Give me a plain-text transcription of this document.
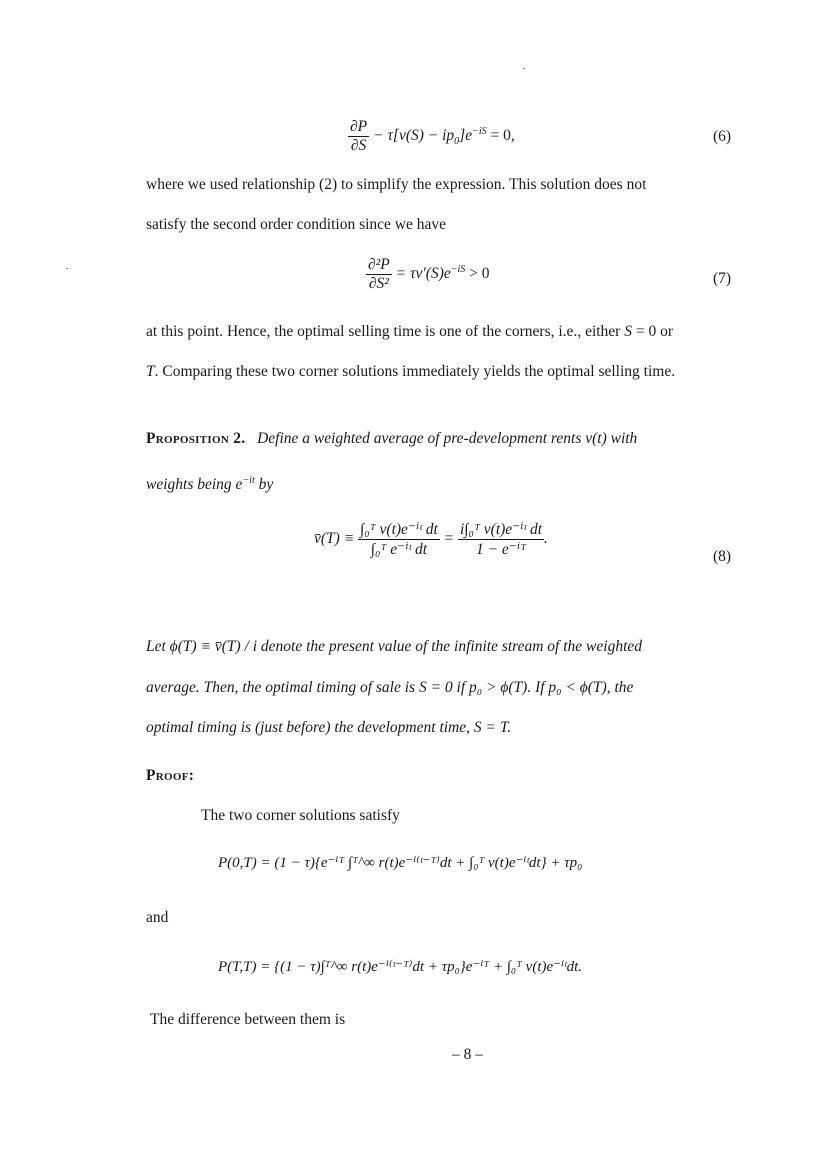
$\frac{\partial P}{\partial S} - \tau[v(S) - ip_0]e^{-iS} = 0$,	(6)
where we used relationship (2) to simplify the expression. This solution does not
satisfy the second order condition since we have
$\frac{\text{∂²P}}{\text{∂S²}} = \tau v'(S)e^{-iS} > 0$	(7)
at this point. Hence, the optimal selling time is one of the corners, i.e., either S = 0 or
T. Comparing these two corner solutions immediately yields the optimal selling time.
Proposition 2. Define a weighted average of pre-development rents v(t) with
weights being $e^{-it}$ by
v̄(T) ≡ $\frac{\text{∫₀ᵀ v(t)e⁻ⁱᵗ dt}}{\text{∫₀ᵀ e⁻ⁱᵗ dt}} = \frac{\text{i∫₀ᵀ v(t)e⁻ⁱᵗ dt}}{\text{1 − e⁻ⁱᵀ}}$ .
(8)
Let ϕ(T) ≡ v̄(T) / i denote the present value of the infinite stream of the weighted
average. Then, the optimal timing of sale is S = 0 if p₀ > ϕ(T). If p₀ < ϕ(T), the
optimal timing is (just before) the development time, S = T.
Proof:
The two corner solutions satisfy
P(0,T) = (1 − τ){e⁻ⁱᵀ ∫ᵀ^∞ r(t)e⁻ⁱ⁽ᵗ⁻ᵀ⁾dt + ∫₀ᵀ v(t)e⁻ⁱᵗdt} + τp₀
and
P(T,T) = {(1 − τ)∫ᵀ^∞ r(t)e⁻ⁱ⁽ᵗ⁻ᵀ⁾dt + τp₀}e⁻ⁱᵀ + ∫₀ᵀ v(t)e⁻ⁱᵗdt.
The difference between them is
– 8 –
